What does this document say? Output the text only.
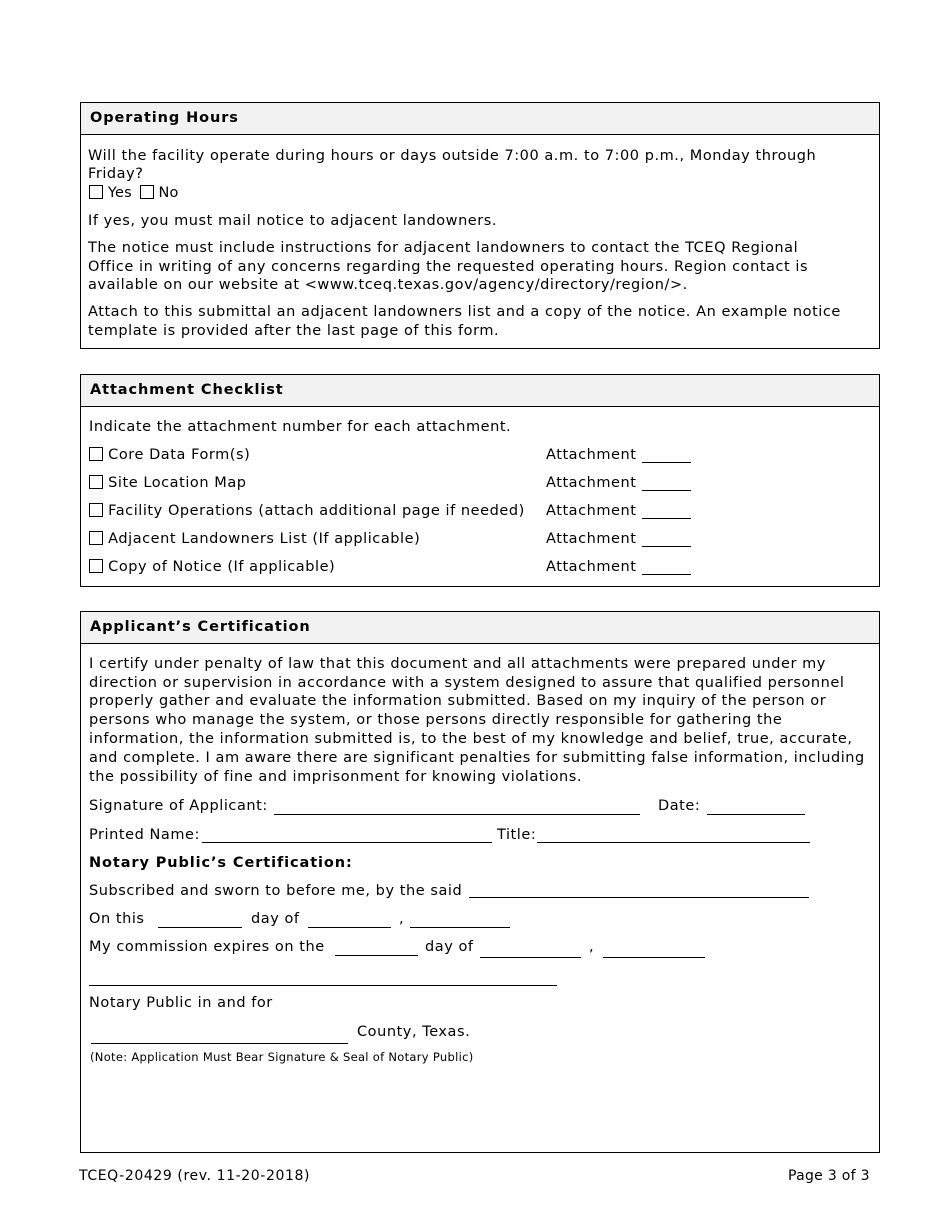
Operating Hours
Will the facility operate during hours or days outside 7:00 a.m. to 7:00 p.m., Monday through
Friday?
Yes No
If yes, you must mail notice to adjacent landowners.
The notice must include instructions for adjacent landowners to contact the TCEQ Regional
Office in writing of any concerns regarding the requested operating hours. Region contact is
available on our website at <www.tceq.texas.gov/agency/directory/region/>.
Attach to this submittal an adjacent landowners list and a copy of the notice. An example notice
template is provided after the last page of this form.
Attachment Checklist
Indicate the attachment number for each attachment.
Core Data Form(s)	Attachment
Site Location Map	Attachment
Facility Operations (attach additional page if needed) Attachment
Adjacent Landowners List (If applicable)	Attachment
Copy of Notice (If applicable)	Attachment
Applicant’s Certification
I certify under penalty of law that this document and all attachments were prepared under my
direction or supervision in accordance with a system designed to assure that qualified personnel
properly gather and evaluate the information submitted. Based on my inquiry of the person or
persons who manage the system, or those persons directly responsible for gathering the
information, the information submitted is, to the best of my knowledge and belief, true, accurate,
and complete. I am aware there are significant penalties for submitting false information, including
the possibility of fine and imprisonment for knowing violations.
Signature of Applicant:	Date:
Printed Name:	Title:
Notary Public’s Certification:
Subscribed and sworn to before me, by the said
On this	day of	,
My commission expires on the	day of	,
Notary Public in and for
County, Texas.
(Note: Application Must Bear Signature & Seal of Notary Public)
TCEQ-20429 (rev. 11-20-2018)	Page 3 of 3
